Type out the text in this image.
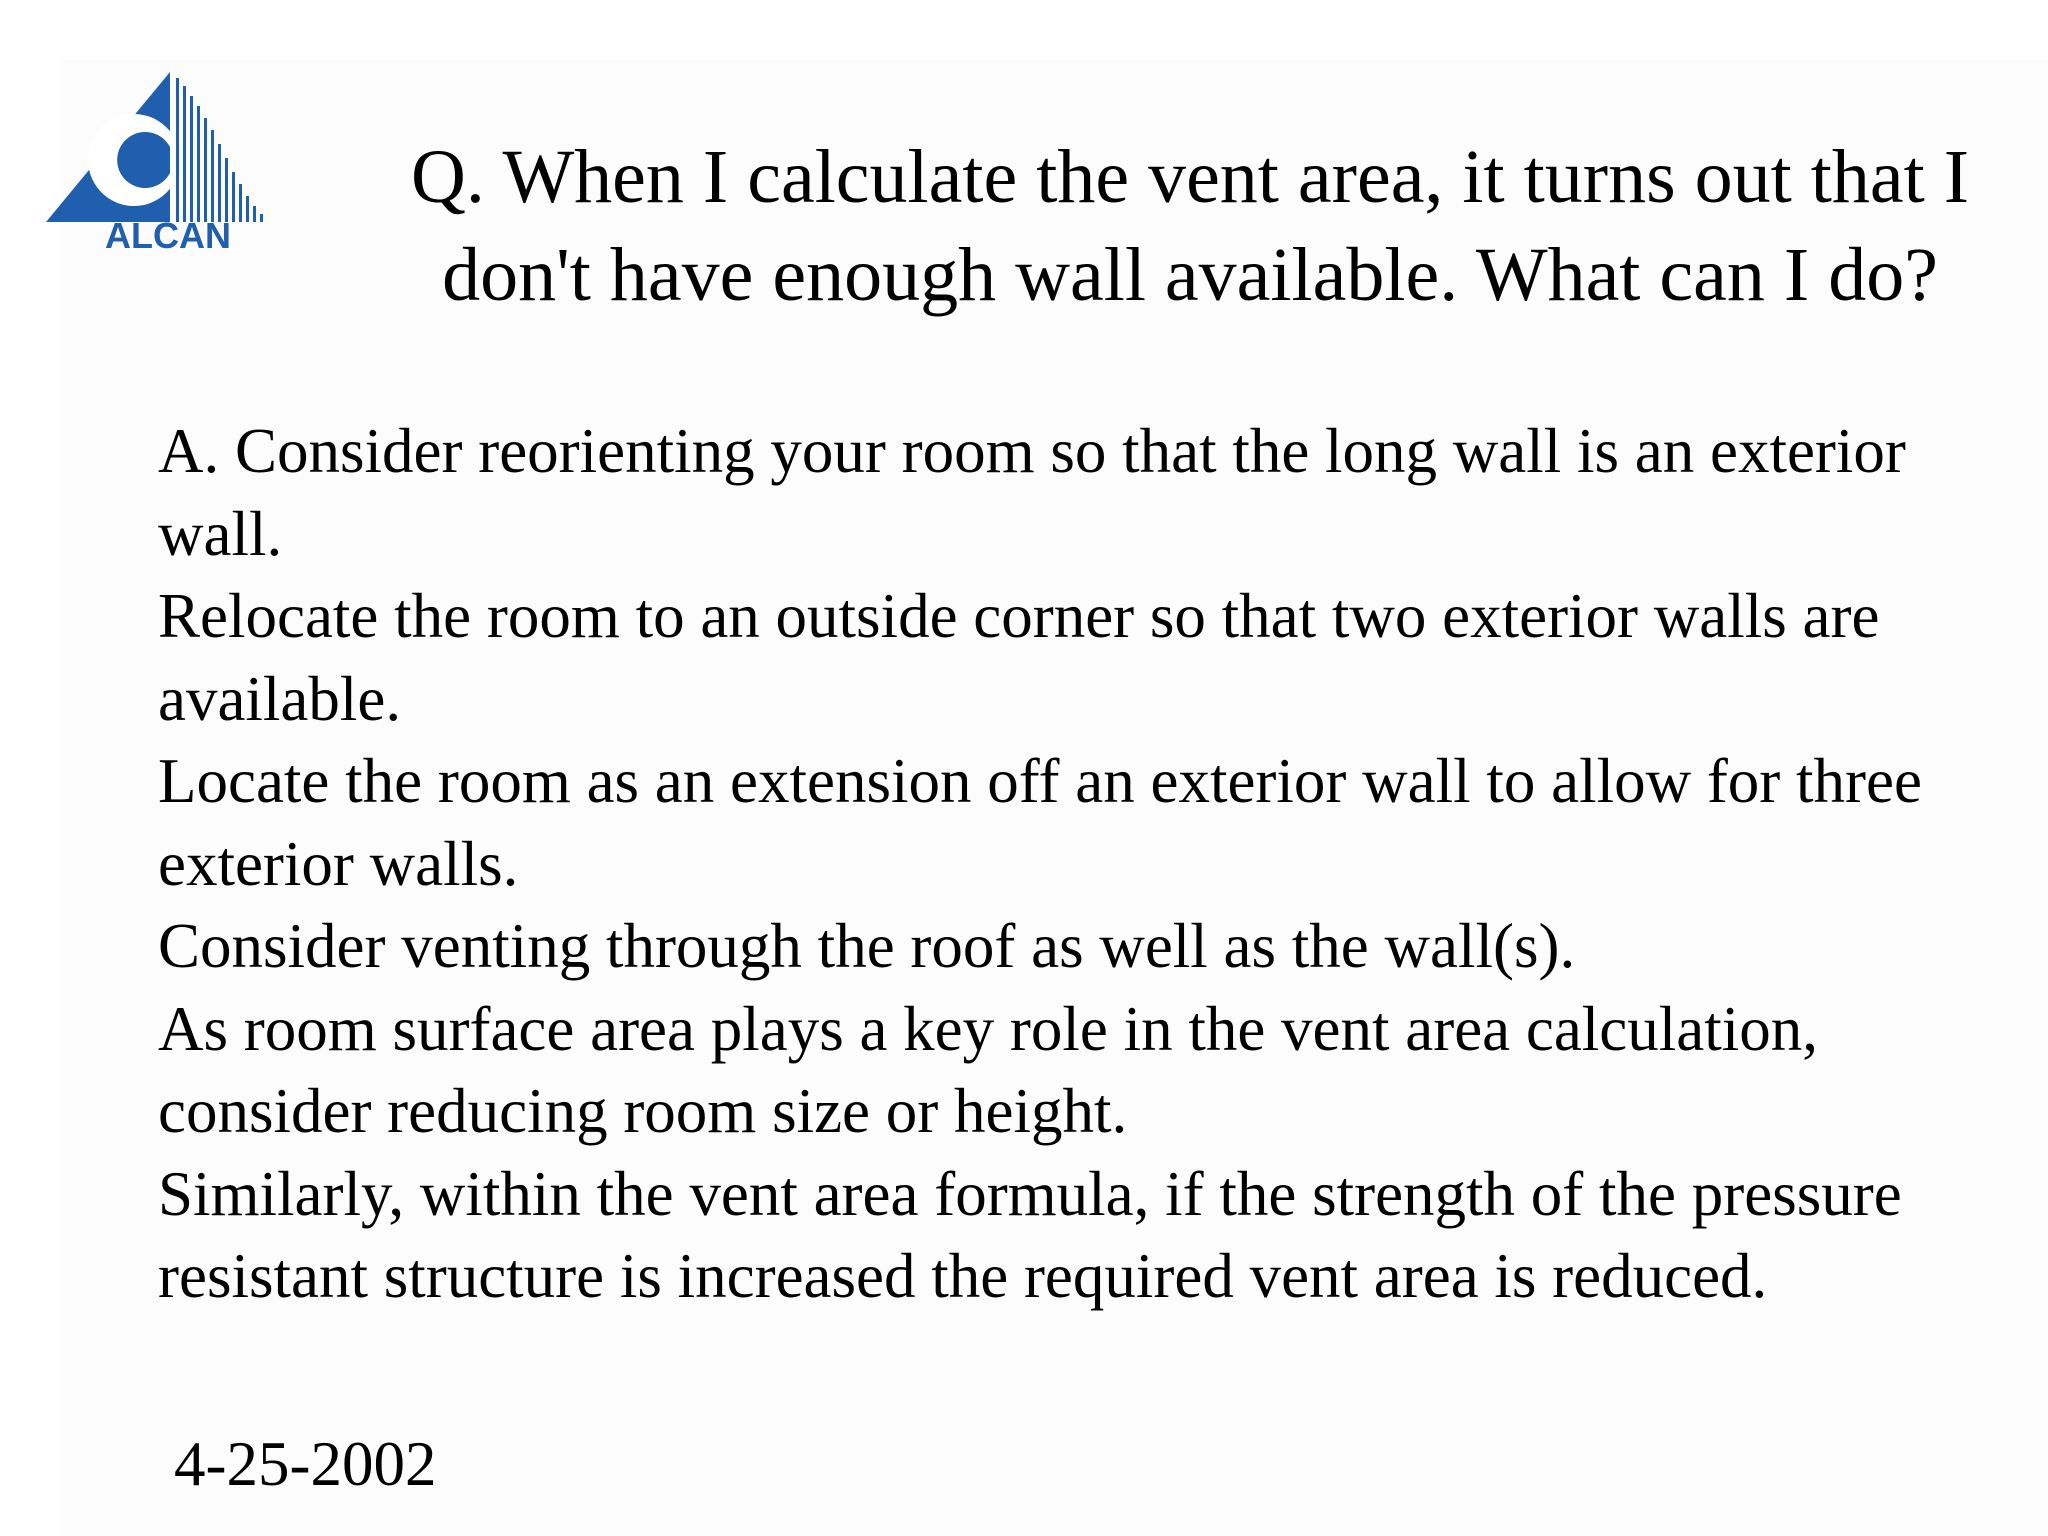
ALCAN
Q. When I calculate the vent area, it turns out that I
don't have enough wall available. What can I do?

A. Consider reorienting your room so that the long wall is an exterior wall.

Relocate the room to an outside corner so that two exterior walls are available.

Locate the room as an extension off an exterior wall to allow for three exterior walls.

Consider venting through the roof as well as the wall(s).

As room surface area plays a key role in the vent area calculation, consider reducing room size or height.

Similarly, within the vent area formula, if the strength of the pressure resistant structure is increased the required vent area is reduced.

4-25-2002
